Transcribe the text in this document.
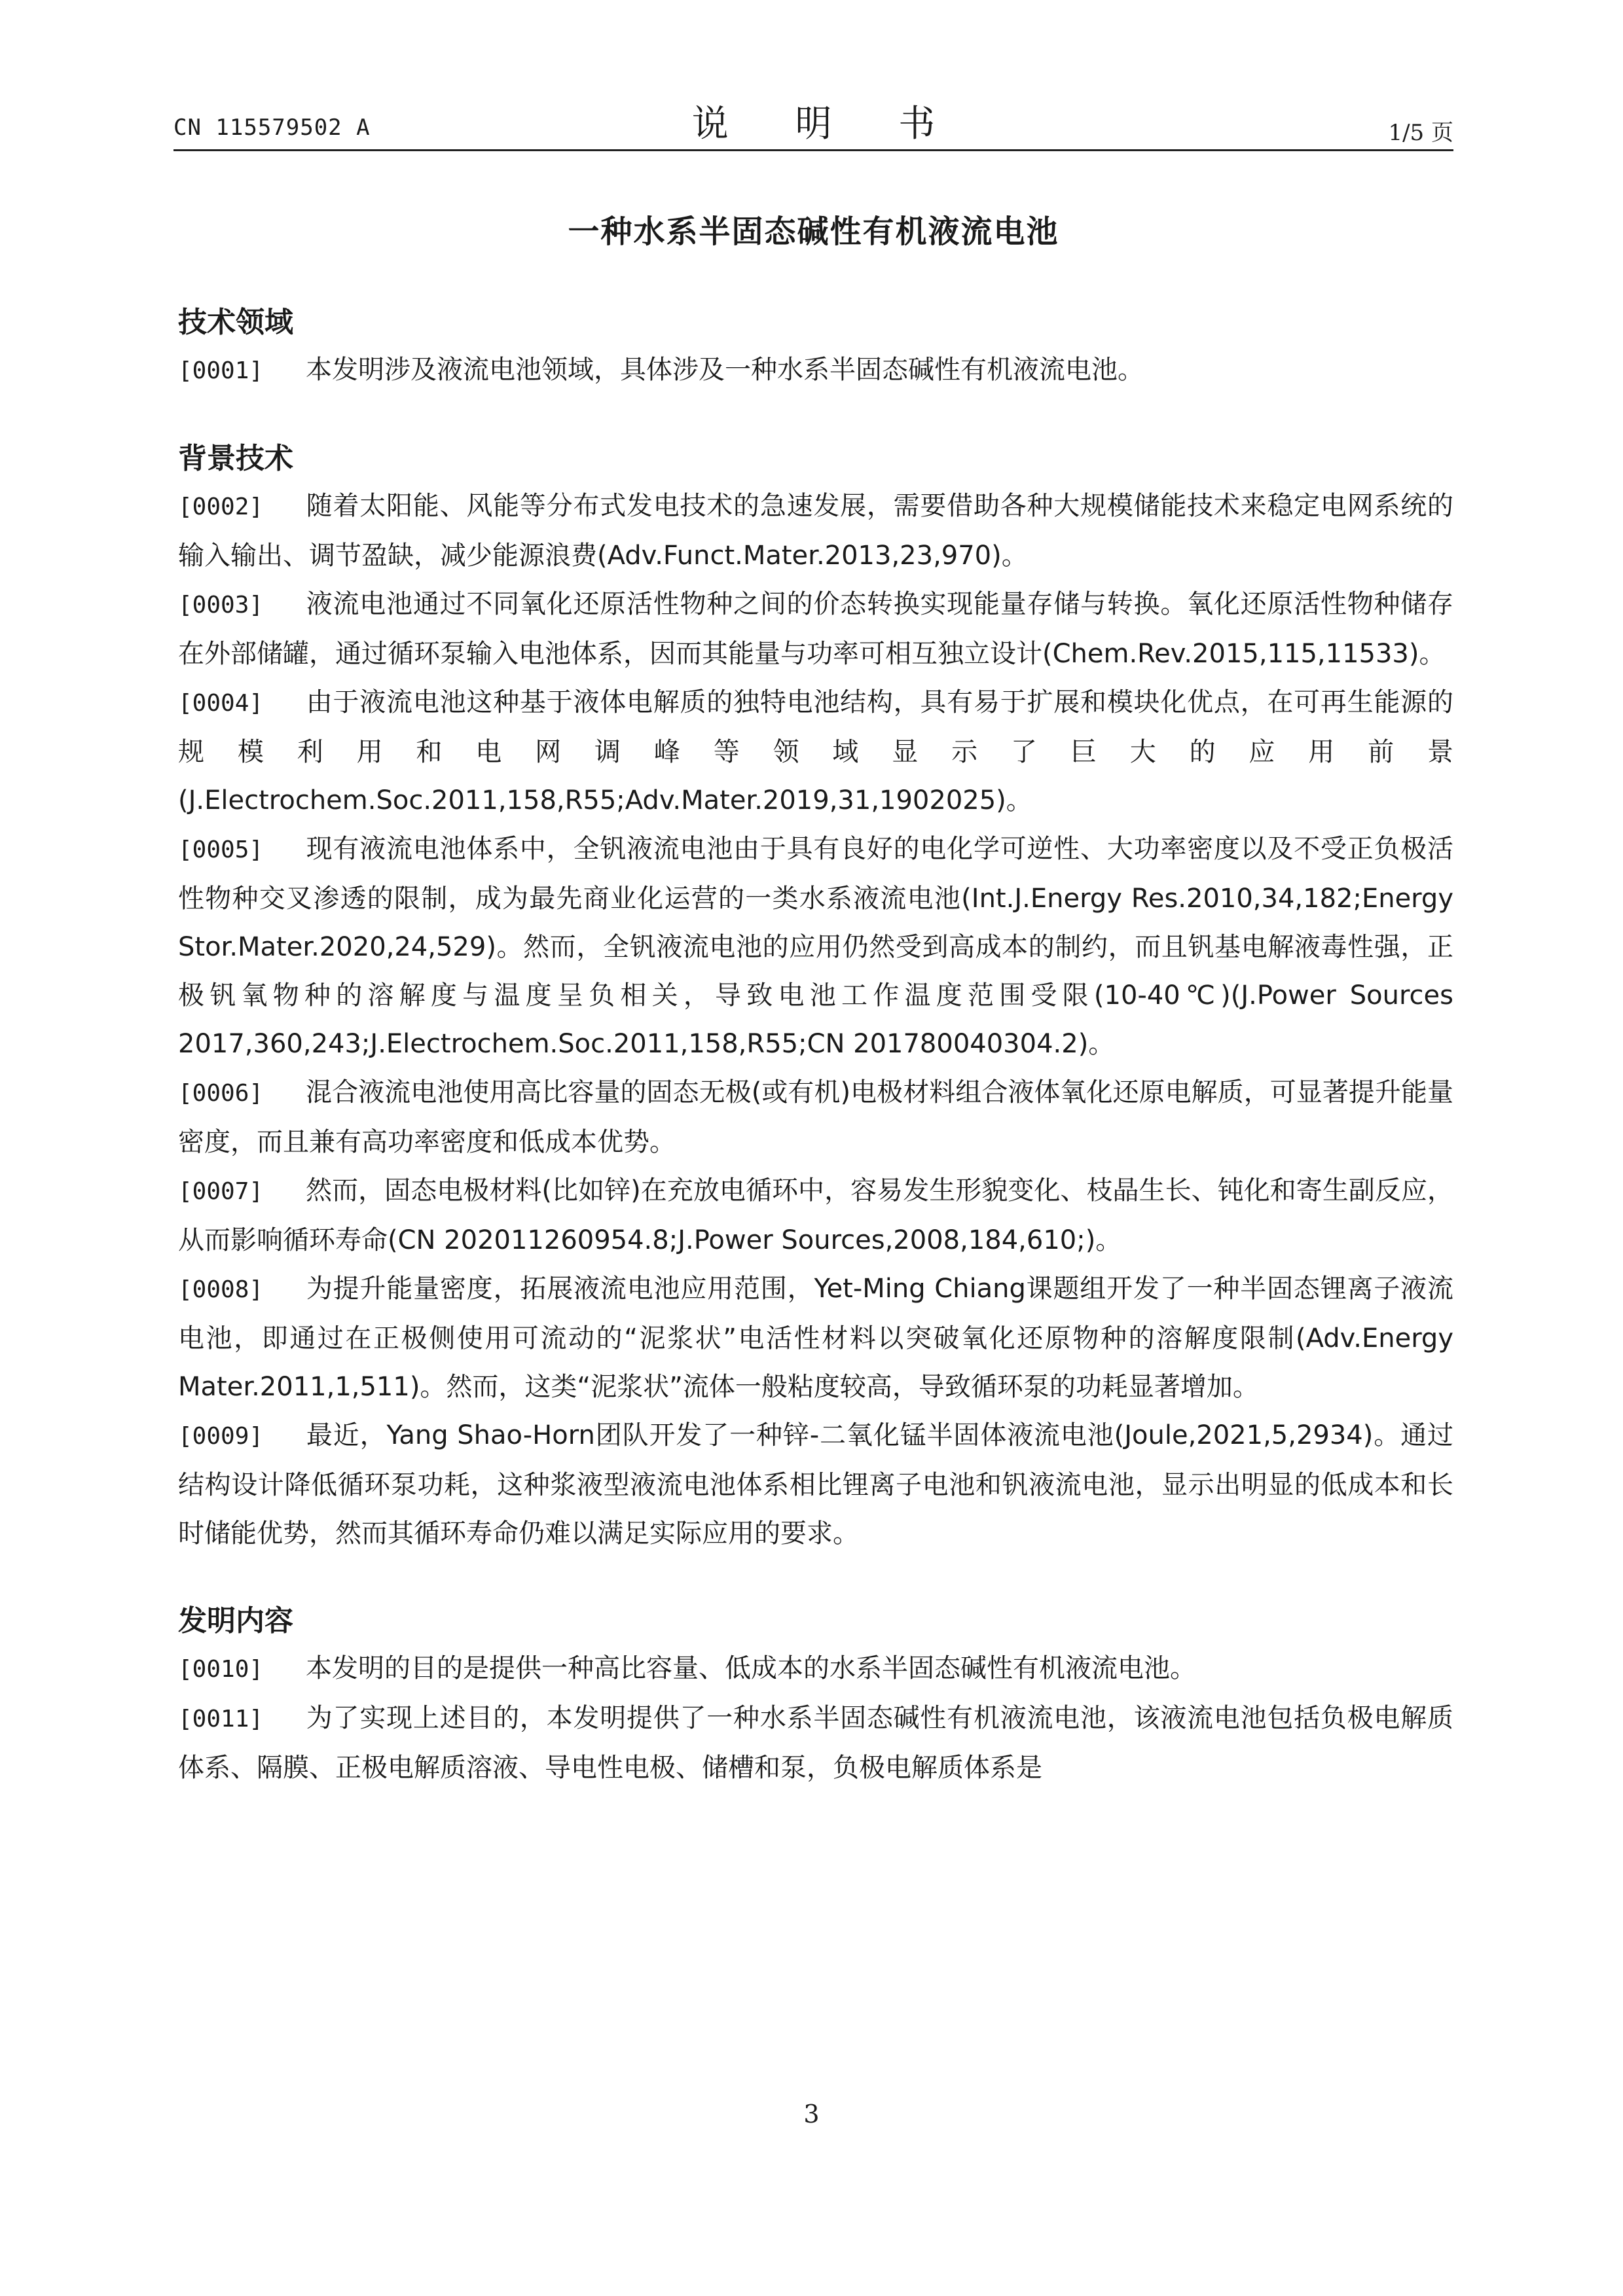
CN 115579502 A	说 明 书	1/5 页
一种水系半固态碱性有机液流电池
技术领域

[0001] 本发明涉及液流电池领域，具体涉及一种水系半固态碱性有机液流电池。

背景技术

[0002] 随着太阳能、风能等分布式发电技术的急速发展，需要借助各种大规模储能技术来稳定电网系统的输入输出、调节盈缺，减少能源浪费(Adv.Funct.Mater.2013,23,970)。

[0003] 液流电池通过不同氧化还原活性物种之间的价态转换实现能量存储与转换。氧化还原活性物种储存在外部储罐，通过循环泵输入电池体系，因而其能量与功率可相互独立设计(Chem.Rev.2015,115,11533)。

[0004] 由于液流电池这种基于液体电解质的独特电池结构，具有易于扩展和模块化优点，在可再生能源的规模利用和电网调峰等领域显示了巨大的应用前景(J.Electrochem.Soc.2011,158,R55;Adv.Mater.2019,31,1902025)。

[0005] 现有液流电池体系中，全钒液流电池由于具有良好的电化学可逆性、大功率密度以及不受正负极活性物种交叉渗透的限制，成为最先商业化运营的一类水系液流电池(Int.J.Energy Res.2010,34,182;Energy Stor.Mater.2020,24,529)。然而，全钒液流电池的应用仍然受到高成本的制约，而且钒基电解液毒性强，正极钒氧物种的溶解度与温度呈负相关，导致电池工作温度范围受限(10-40℃)(J.Power Sources 2017,360,243;J.Electrochem.Soc.2011,158,R55;CN 201780040304.2)。

[0006] 混合液流电池使用高比容量的固态无极(或有机)电极材料组合液体氧化还原电解质，可显著提升能量密度，而且兼有高功率密度和低成本优势。

[0007] 然而，固态电极材料(比如锌)在充放电循环中，容易发生形貌变化、枝晶生长、钝化和寄生副反应，从而影响循环寿命(CN 202011260954.8;J.Power Sources,2008,184,610;)。

[0008] 为提升能量密度，拓展液流电池应用范围，Yet-Ming Chiang课题组开发了一种半固态锂离子液流电池，即通过在正极侧使用可流动的“泥浆状”电活性材料以突破氧化还原物种的溶解度限制(Adv.Energy Mater.2011,1,511)。然而，这类“泥浆状”流体一般粘度较高，导致循环泵的功耗显著增加。

[0009] 最近，Yang Shao-Horn团队开发了一种锌-二氧化锰半固体液流电池(Joule,2021,5,2934)。通过结构设计降低循环泵功耗，这种浆液型液流电池体系相比锂离子电池和钒液流电池，显示出明显的低成本和长时储能优势，然而其循环寿命仍难以满足实际应用的要求。

发明内容

[0010] 本发明的目的是提供一种高比容量、低成本的水系半固态碱性有机液流电池。

[0011] 为了实现上述目的，本发明提供了一种水系半固态碱性有机液流电池，该液流电池包括负极电解质体系、隔膜、正极电解质溶液、导电性电极、储槽和泵，负极电解质体系是

3
